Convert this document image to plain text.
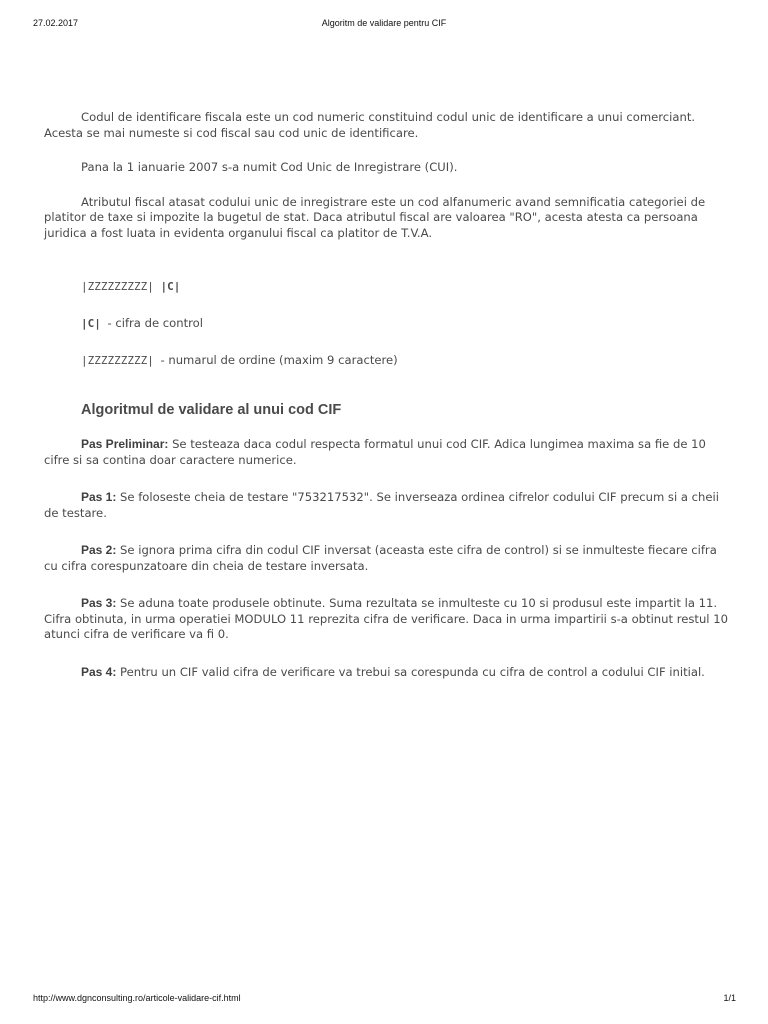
27.02.2017	Algoritm de validare pentru CIF

Codul de identificare fiscala este un cod numeric constituind codul unic de identificare a unui comerciant. Acesta se mai numeste si cod fiscal sau cod unic de identificare.

Pana la 1 ianuarie 2007 s-a numit Cod Unic de Inregistrare (CUI).

Atributul fiscal atasat codului unic de inregistrare este un cod alfanumeric avand semnificatia categoriei de platitor de taxe si impozite la bugetul de stat. Daca atributul fiscal are valoarea "RO", acesta atesta ca persoana juridica a fost luata in evidenta organului fiscal ca platitor de T.V.A.

|ZZZZZZZZZ| |C|
|C| - cifra de control
|ZZZZZZZZZ| - numarul de ordine (maxim 9 caractere)
Algoritmul de validare al unui cod CIF

Pas Preliminar: Se testeaza daca codul respecta formatul unui cod CIF. Adica lungimea maxima sa fie de 10 cifre si sa contina doar caractere numerice.

Pas 1: Se foloseste cheia de testare "753217532". Se inverseaza ordinea cifrelor codului CIF precum si a cheii de testare.

Pas 2: Se ignora prima cifra din codul CIF inversat (aceasta este cifra de control) si se inmulteste fiecare cifra cu cifra corespunzatoare din cheia de testare inversata.

Pas 3: Se aduna toate produsele obtinute. Suma rezultata se inmulteste cu 10 si produsul este impartit la 11. Cifra obtinuta, in urma operatiei MODULO 11 reprezita cifra de verificare. Daca in urma impartirii s-a obtinut restul 10 atunci cifra de verificare va fi 0.

Pas 4: Pentru un CIF valid cifra de verificare va trebui sa corespunda cu cifra de control a codului CIF initial.

http://www.dgnconsulting.ro/articole-validare-cif.html	1/1
